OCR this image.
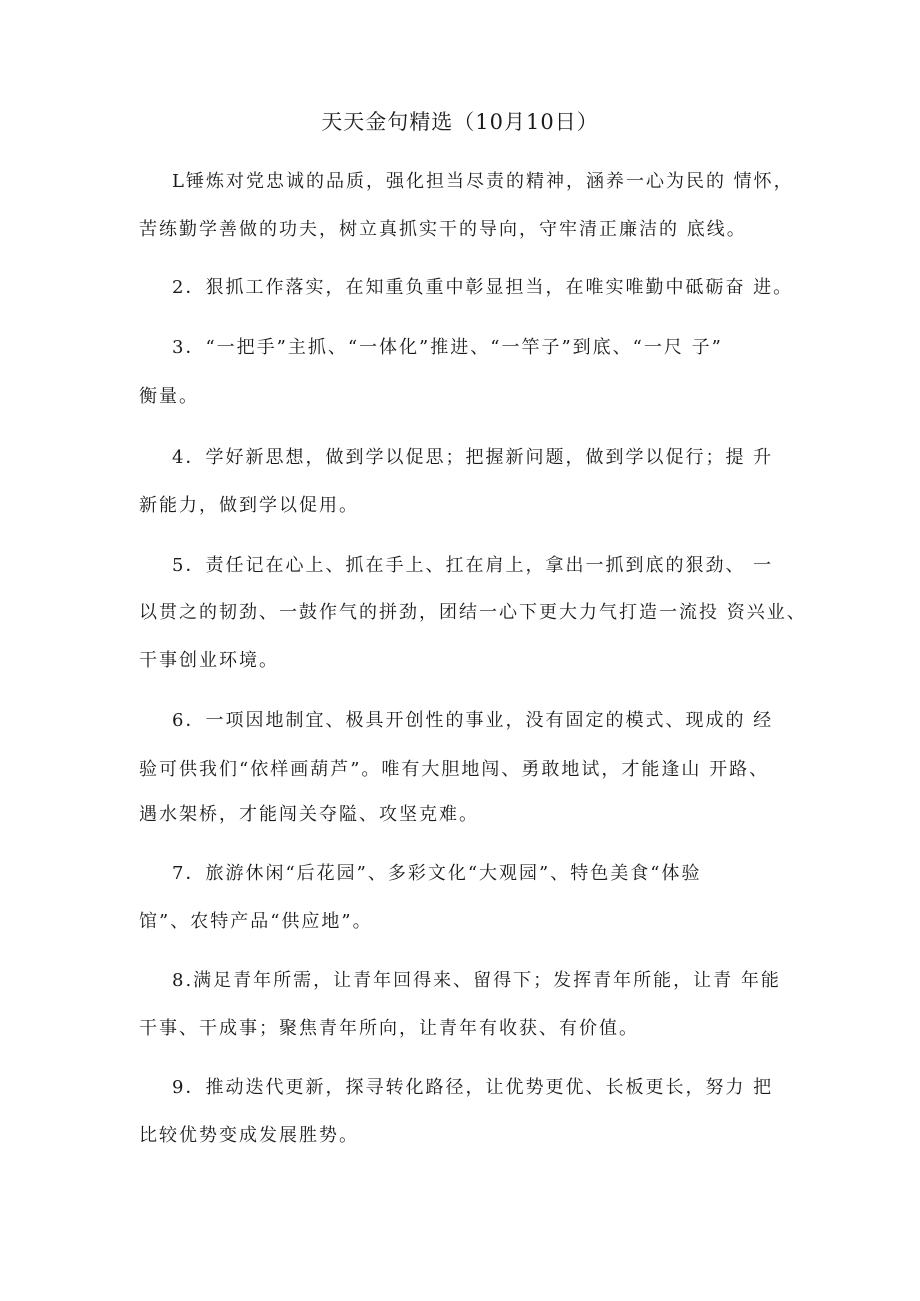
天天金句精选（10月10日）
L锤炼对党忠诚的品质，强化担当尽责的精神，涵养一心为民的 情怀，
苦练勤学善做的功夫，树立真抓实干的导向，守牢清正廉洁的 底线。
2．狠抓工作落实，在知重负重中彰显担当，在唯实唯勤中砥砺奋 进。
3．“一把手”主抓、“一体化”推进、“一竿子”到底、“一尺 子”
衡量。
4．学好新思想，做到学以促思；把握新问题，做到学以促行；提 升
新能力，做到学以促用。
5．责任记在心上、抓在手上、扛在肩上，拿出一抓到底的狠劲、 一
以贯之的韧劲、一鼓作气的拼劲，团结一心下更大力气打造一流投 资兴业、
干事创业环境。
6．一项因地制宜、极具开创性的事业，没有固定的模式、现成的 经
验可供我们“依样画葫芦”。唯有大胆地闯、勇敢地试，才能逢山 开路、
遇水架桥，才能闯关夺隘、攻坚克难。
7．旅游休闲“后花园”、多彩文化“大观园”、特色美食“体验
馆”、农特产品“供应地”。
8.满足青年所需，让青年回得来、留得下；发挥青年所能，让青 年能
干事、干成事；聚焦青年所向，让青年有收获、有价值。
9．推动迭代更新，探寻转化路径，让优势更优、长板更长，努力 把
比较优势变成发展胜势。
